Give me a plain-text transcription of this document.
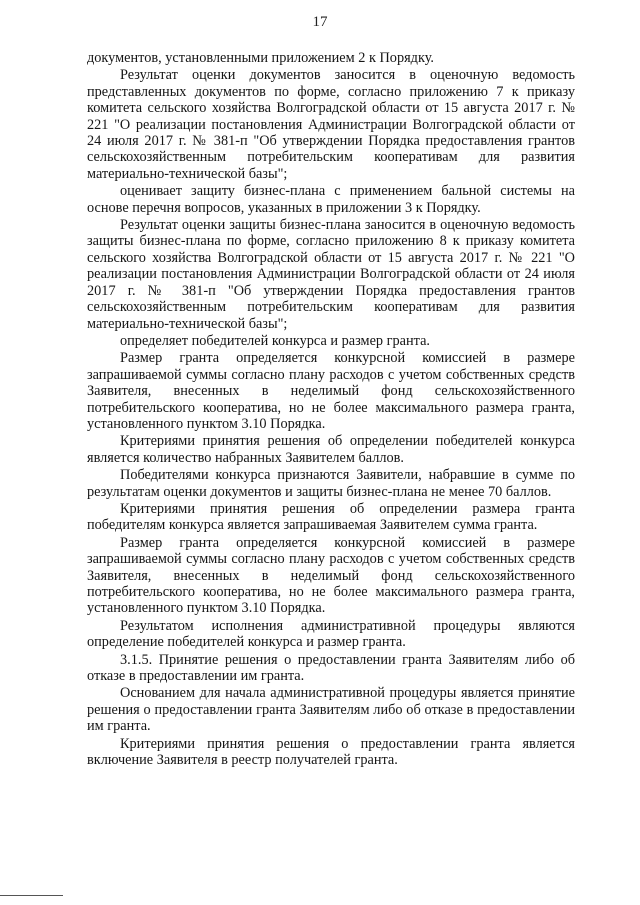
17

документов, установленными приложением 2 к Порядку.

Результат оценки документов заносится в оценочную ведомость представленных документов по форме, согласно приложению 7 к приказу комитета сельского хозяйства Волгоградской области от 15 августа 2017 г. № 221 "О реализации постановления Администрации Волгоградской области от 24 июля 2017 г. № 381-п "Об утверждении Порядка предоставления грантов сельскохозяйственным потребительским кооперативам для развития материально-технической базы";

оценивает защиту бизнес-плана с применением бальной системы на основе перечня вопросов, указанных в приложении 3 к Порядку.

Результат оценки защиты бизнес-плана заносится в оценочную ведомость защиты бизнес-плана по форме, согласно приложению 8 к приказу комитета сельского хозяйства Волгоградской области от 15 августа 2017 г. № 221 "О реализации постановления Администрации Волгоградской области от 24 июля 2017 г. № 381-п "Об утверждении Порядка предоставления грантов сельскохозяйственным потребительским кооперативам для развития материально-технической базы";

определяет победителей конкурса и размер гранта.

Размер гранта определяется конкурсной комиссией в размере запрашиваемой суммы согласно плану расходов с учетом собственных средств Заявителя, внесенных в неделимый фонд сельскохозяйственного потребительского кооператива, но не более максимального размера гранта, установленного пунктом 3.10 Порядка.

Критериями принятия решения об определении победителей конкурса является количество набранных Заявителем баллов.

Победителями конкурса признаются Заявители, набравшие в сумме по результатам оценки документов и защиты бизнес-плана не менее 70 баллов.

Критериями принятия решения об определении размера гранта победителям конкурса является запрашиваемая Заявителем сумма гранта.

Размер гранта определяется конкурсной комиссией в размере запрашиваемой суммы согласно плану расходов с учетом собственных средств Заявителя, внесенных в неделимый фонд сельскохозяйственного потребительского кооператива, но не более максимального размера гранта, установленного пунктом 3.10 Порядка.

Результатом исполнения административной процедуры являются определение победителей конкурса и размер гранта.

3.1.5. Принятие решения о предоставлении гранта Заявителям либо об отказе в предоставлении им гранта.

Основанием для начала административной процедуры является принятие решения о предоставлении гранта Заявителям либо об отказе в предоставлении им гранта.

Критериями принятия решения о предоставлении гранта является включение Заявителя в реестр получателей гранта.
